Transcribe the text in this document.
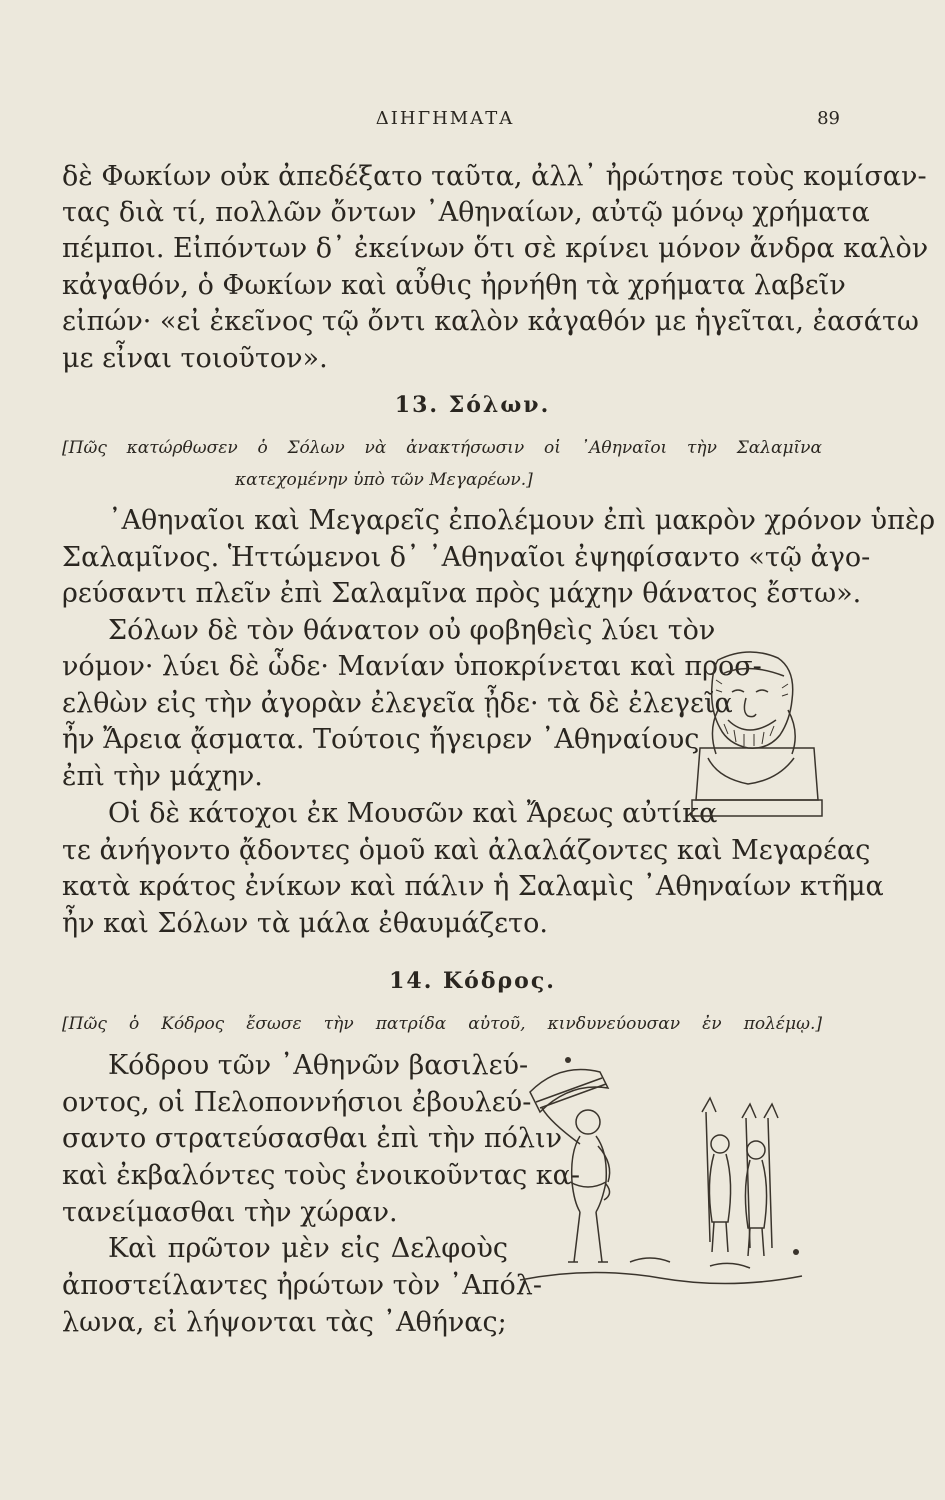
ΔΙΗΓΗΜΑΤΑ	89
δὲ Φωκίων οὐκ ἀπεδέξατο ταῦτα, ἀλλ᾿ ἠρώτησε τοὺς κομίσαν-
τας διὰ τί, πολλῶν ὄντων ᾿Αθηναίων, αὐτῷ μόνῳ χρήματα
πέμποι. Εἰπόντων δ᾿ ἐκείνων ὅτι σὲ κρίνει μόνον ἄνδρα καλὸν
κἀγαθόν, ὁ Φωκίων καὶ αὖθις ἠρνήθη τὰ χρήματα λαβεῖν
εἰπών· «εἰ ἐκεῖνος τῷ ὄντι καλὸν κἀγαθόν με ἡγεῖται, ἐασάτω
με εἶναι τοιοῦτον».
13. Σόλων.
[Πῶς κατώρθωσεν ὁ Σόλων νὰ ἀνακτήσωσιν οἱ ᾿Αθηναῖοι τὴν Σαλαμῖνα
κατεχομένην ὑπὸ τῶν Μεγαρέων.]
᾿Αθηναῖοι καὶ Μεγαρεῖς ἐπολέμουν ἐπὶ μακρὸν χρόνον ὑπὲρ
Σαλαμῖνος. Ἡττώμενοι δ᾿ ᾿Αθηναῖοι ἐψηφίσαντο «τῷ ἀγο-
ρεύσαντι πλεῖν ἐπὶ Σαλαμῖνα πρὸς μάχην θάνατος ἔστω».
Σόλων δὲ τὸν θάνατον οὐ φοβηθεὶς λύει τὸν
νόμον· λύει δὲ ὧδε· Μανίαν ὑποκρίνεται καὶ προσ-
ελθὼν εἰς τὴν ἀγορὰν ἐλεγεῖα ᾖδε· τὰ δὲ ἐλεγεῖα
ἦν Ἄρεια ᾄσματα. Τούτοις ἤγειρεν ᾿Αθηναίους
ἐπὶ τὴν μάχην.
Οἱ δὲ κάτοχοι ἐκ Μουσῶν καὶ Ἄρεως αὐτίκα
τε ἀνήγοντο ᾄδοντες ὁμοῦ καὶ ἀλαλάζοντες καὶ Μεγαρέας
κατὰ κράτος ἐνίκων καὶ πάλιν ἡ Σαλαμὶς ᾿Αθηναίων κτῆμα
ἦν καὶ Σόλων τὰ μάλα ἐθαυμάζετο.
14. Κόδρος.
[Πῶς ὁ Κόδρος ἔσωσε τὴν πατρίδα αὐτοῦ, κινδυνεύουσαν ἐν πολέμῳ.]
Κόδρου τῶν ᾿Αθηνῶν βασιλεύ-
οντος, οἱ Πελοποννήσιοι ἐβουλεύ-
σαντο στρατεύσασθαι ἐπὶ τὴν πόλιν
καὶ ἐκβαλόντες τοὺς ἐνοικοῦντας κα-
τανείμασθαι τὴν χώραν.
Καὶ πρῶτον μὲν εἰς Δελφοὺς
ἀποστείλαντες ἠρώτων τὸν ᾿Απόλ-
λωνα, εἰ λήψονται τὰς ᾿Αθήνας;
